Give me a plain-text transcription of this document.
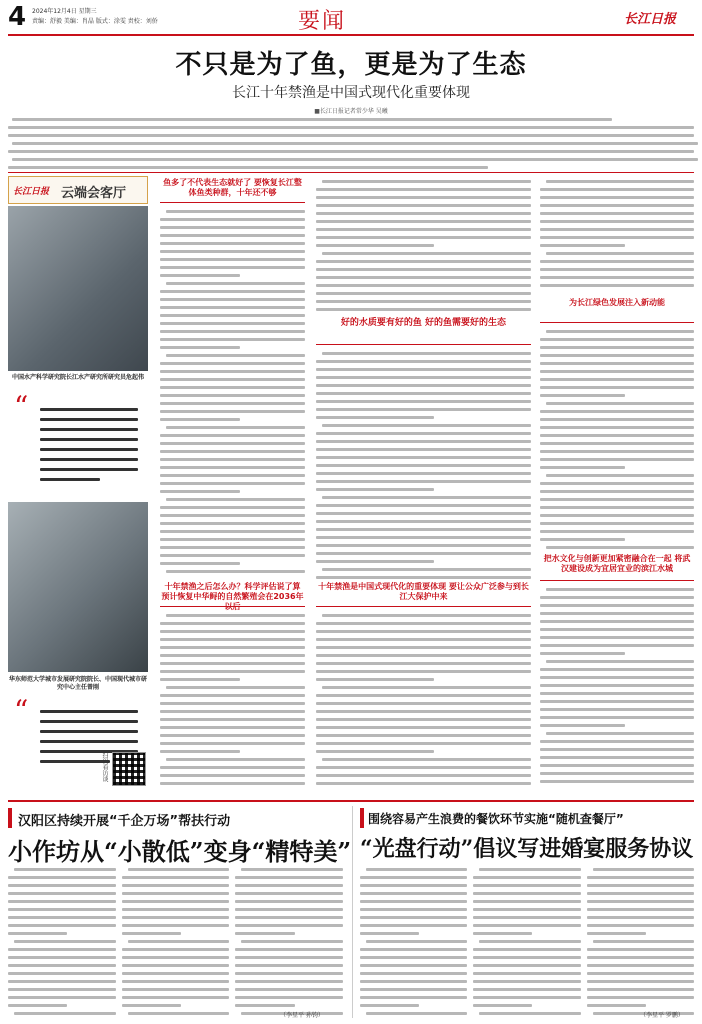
4 2024年12月4日 星期三
责编：舒毅 美编：肖晶 版式：涂雯 责校：刘侨	要闻	长江日报
不只是为了鱼，更是为了生态
长江十年禁渔是中国式现代化重要体现
■长江日报记者常少华 吴曦
长江日报 云端会客厅
中国水产科学研究院长江水产研究所研究员危起伟
“
华东师范大学城市发展研究院院长、中国现代城市研究中心主任曾刚
“
扫码看访谈
鱼多了不代表生态就好了 要恢复长江整体鱼类种群，十年还不够
十年禁渔之后怎么办？科学评估说了算 预计恢复中华鲟的自然繁殖会在2036年
好的水质要有好的鱼 好的鱼需要好的生态
十年禁渔是中国式现代化的重要体现 要让公众广泛参与到长江大保护中来
为长江绿色发展注入新动能
把水文化与创新更加紧密融合在一起 将武汉建设成为宜居宜业的滨江水城
汉阳区持续开展“千企万场”帮扶行动
小作坊从“小散低”变身“精特美”
（李星平 孙钧）
围绕容易产生浪费的餐饮环节实施“随机查餐厅”
“光盘行动”倡议写进婚宴服务协议
（李星平 罗鹏）
